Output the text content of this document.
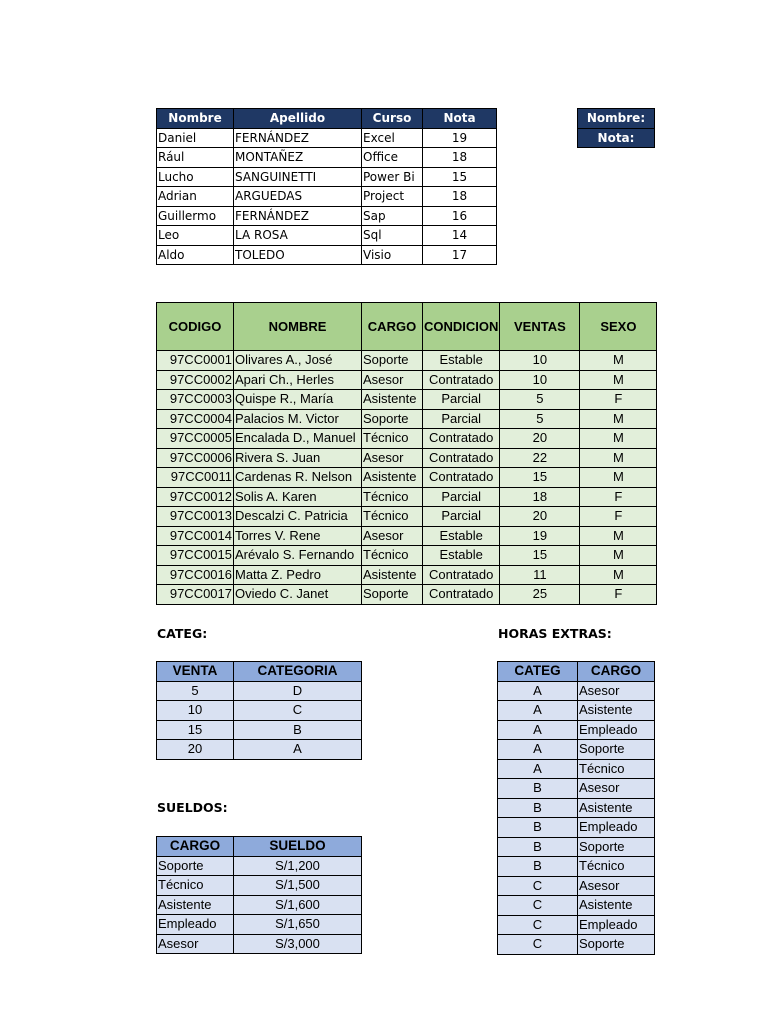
Nombre	Apellido	Curso	Nota
Daniel	FERNÁNDEZ	Excel	19
Rául	MONTAÑEZ	Office	18
Lucho	SANGUINETTI	Power Bi	15
Adrian	ARGUEDAS	Project	18
Guillermo	FERNÁNDEZ	Sap	16
Leo	LA ROSA	Sql	14
Aldo	TOLEDO	Visio	17
Nombre:
Nota:
CODIGO	NOMBRE	CARGO	CONDICION	VENTAS	SEXO
97CC0001	Olivares A., José	Soporte	Estable	10	M
97CC0002	Apari Ch., Herles	Asesor	Contratado	10	M
97CC0003	Quispe R., María	Asistente	Parcial	5	F
97CC0004	Palacios M. Victor	Soporte	Parcial	5	M
97CC0005	Encalada D., Manuel	Técnico	Contratado	20	M
97CC0006	Rivera S. Juan	Asesor	Contratado	22	M
97CC0011	Cardenas R. Nelson	Asistente	Contratado	15	M
97CC0012	Solis A. Karen	Técnico	Parcial	18	F
97CC0013	Descalzi C. Patricia	Técnico	Parcial	20	F
97CC0014	Torres V. Rene	Asesor	Estable	19	M
97CC0015	Arévalo S. Fernando	Técnico	Estable	15	M
97CC0016	Matta Z. Pedro	Asistente	Contratado	11	M
97CC0017	Oviedo C. Janet	Soporte	Contratado	25	F
CATEG:	HORAS EXTRAS:
SUELDOS:
VENTA	CATEGORIA
5	D
10	C
15	B
20	A
CARGO	SUELDO
Soporte	S/1,200
Técnico	S/1,500
Asistente	S/1,600
Empleado	S/1,650
Asesor	S/3,000
CATEG	CARGO
A	Asesor
A	Asistente
A	Empleado
A	Soporte
A	Técnico
B	Asesor
B	Asistente
B	Empleado
B	Soporte
B	Técnico
C	Asesor
C	Asistente
C	Empleado
C	Soporte
